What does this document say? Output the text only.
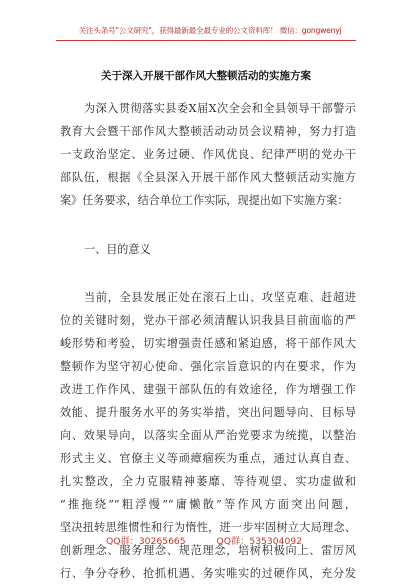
关注头条号"公文研究"，获得最新最全最专业的公文资料库！ 微信：gongwenyj
关于深入开展干部作风大整顿活动的实施方案
为深入贯彻落实县委X届X次全会和全县领导干部警示
教育大会暨干部作风大整顿活动动员会议精神，努力打造
一支政治坚定、业务过硬、作风优良、纪律严明的党办干
部队伍，根据《全县深入开展干部作风大整顿活动实施方
案》任务要求，结合单位工作实际，现提出如下实施方案：
一、目的意义
当前，全县发展正处在滚石上山、攻坚克难、赶超进
位的关键时刻，党办干部必须清醒认识我县目前面临的严
峻形势和考验，切实增强责任感和紧迫感，将干部作风大
整顿作为坚守初心使命、强化宗旨意识的内在要求，作为
改进工作作风、建强干部队伍的有效途径，作为增强工作
效能、提升服务水平的务实举措，突出问题导向、目标导
向、效果导向，以落实全面从严治党要求为统揽，以整治
形式主义、官僚主义等顽瘴痼疾为重点，通过认真自查、
扎实整改，全力克服精神萎靡、等待观望、实功虚做和
“推拖绕”“粗浮慢”“庸懒散”等作风方面突出问题，
坚决扭转思维惯性和行为惰性，进一步牢固树立大局理念、
创新理念、服务理念、规范理念，培树积极向上、雷厉风
行、争分夺秒、抢抓机遇、务实唯实的过硬作风，充分发
QQ群：30265665	QQ群：535304092
